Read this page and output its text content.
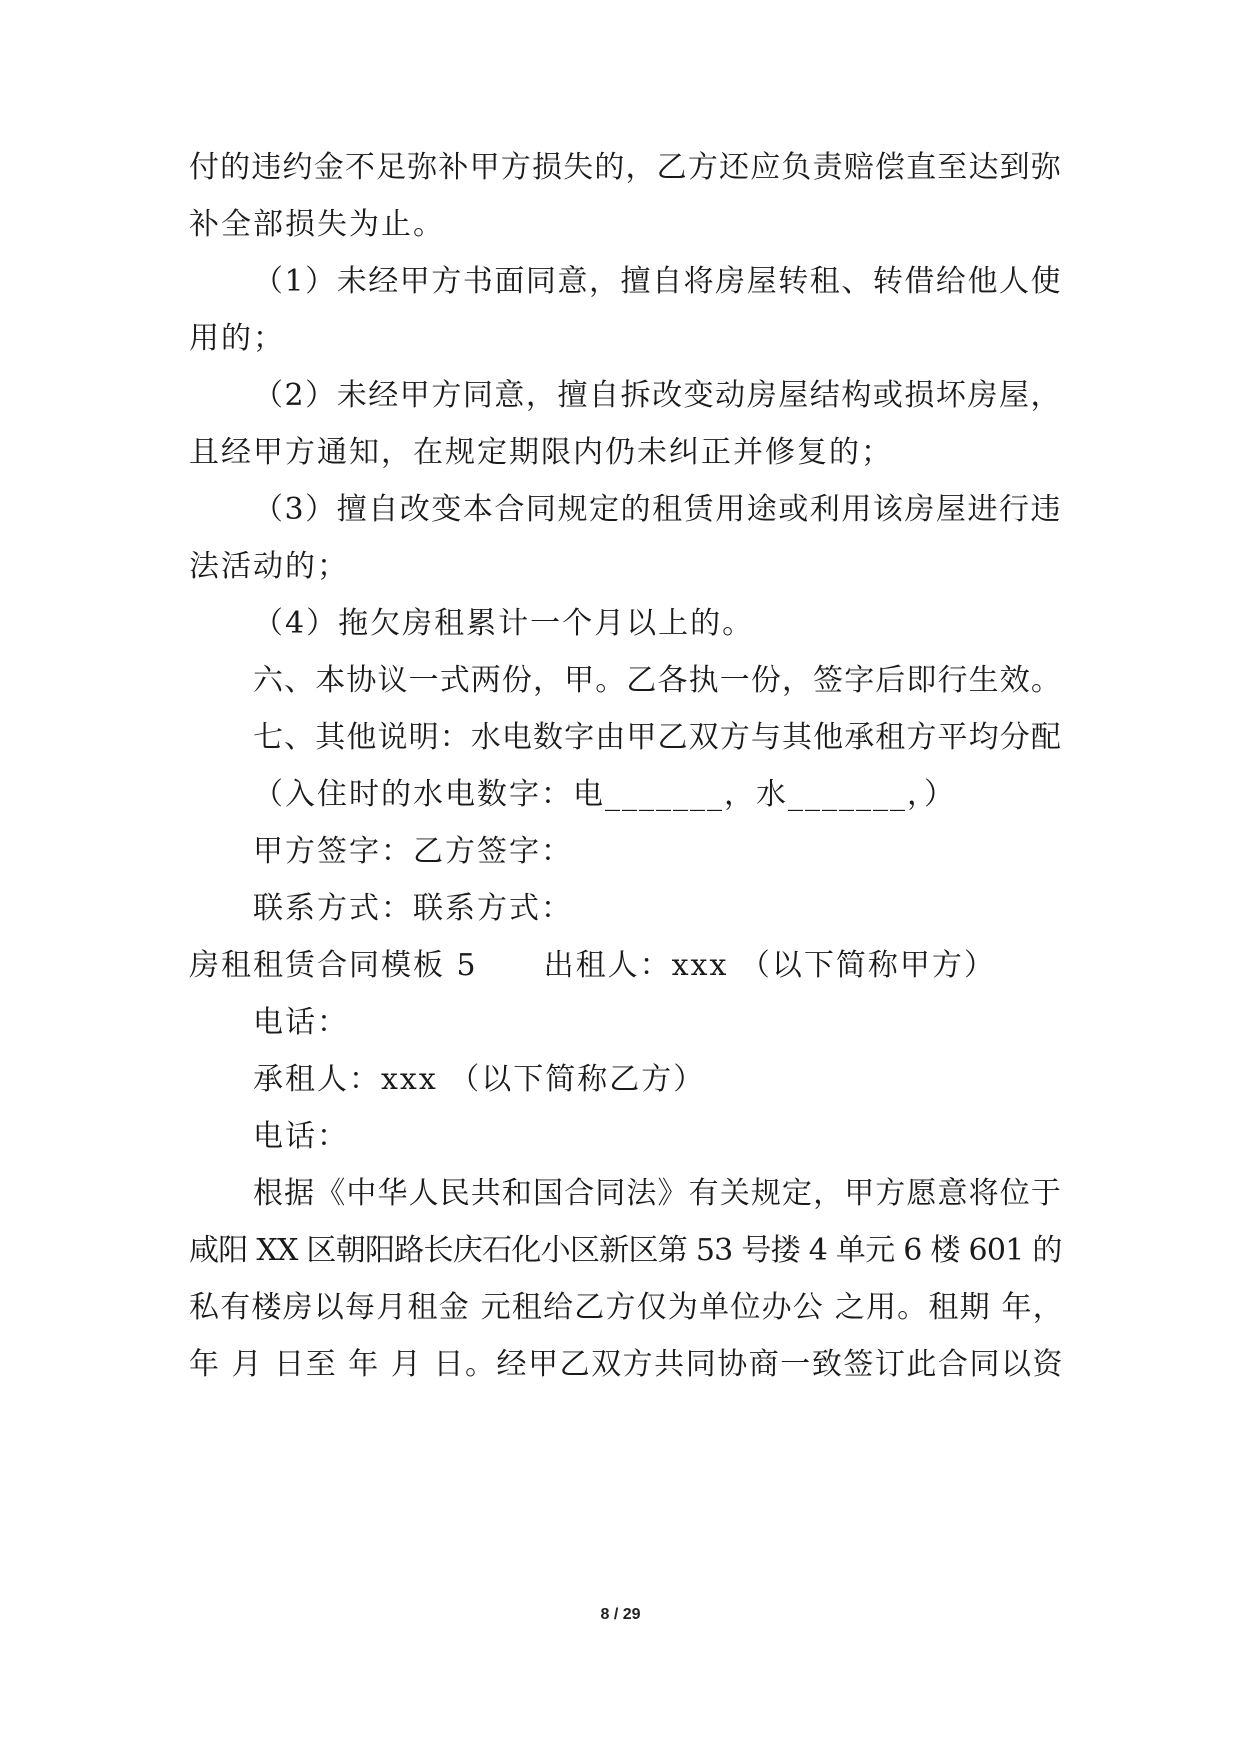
付的违约金不足弥补甲方损失的，乙方还应负责赔偿直至达到弥
补全部损失为止。
（1）未经甲方书面同意，擅自将房屋转租、转借给他人使
用的；
（2）未经甲方同意，擅自拆改变动房屋结构或损坏房屋，
且经甲方通知，在规定期限内仍未纠正并修复的；
（3）擅自改变本合同规定的租赁用途或利用该房屋进行违
法活动的；
（4）拖欠房租累计一个月以上的。
六、本协议一式两份，甲。乙各执一份，签字后即行生效。
七、其他说明：水电数字由甲乙双方与其他承租方平均分配
（入住时的水电数字：电_______，水_______，）
甲方签字：乙方签字：
联系方式：联系方式：
房租租赁合同模板 5 出租人：xxx （以下简称甲方）
电话：
承租人：xxx （以下简称乙方）
电话：
根据《中华人民共和国合同法》有关规定，甲方愿意将位于
咸阳 XX 区朝阳路长庆石化小区新区第 53 号搂 4 单元 6 楼 601 的
私有楼房以每月租金 元租给乙方仅为单位办公 之用。租期 年，
年 月 日至 年 月 日。经甲乙双方共同协商一致签订此合同以资
8 / 29
